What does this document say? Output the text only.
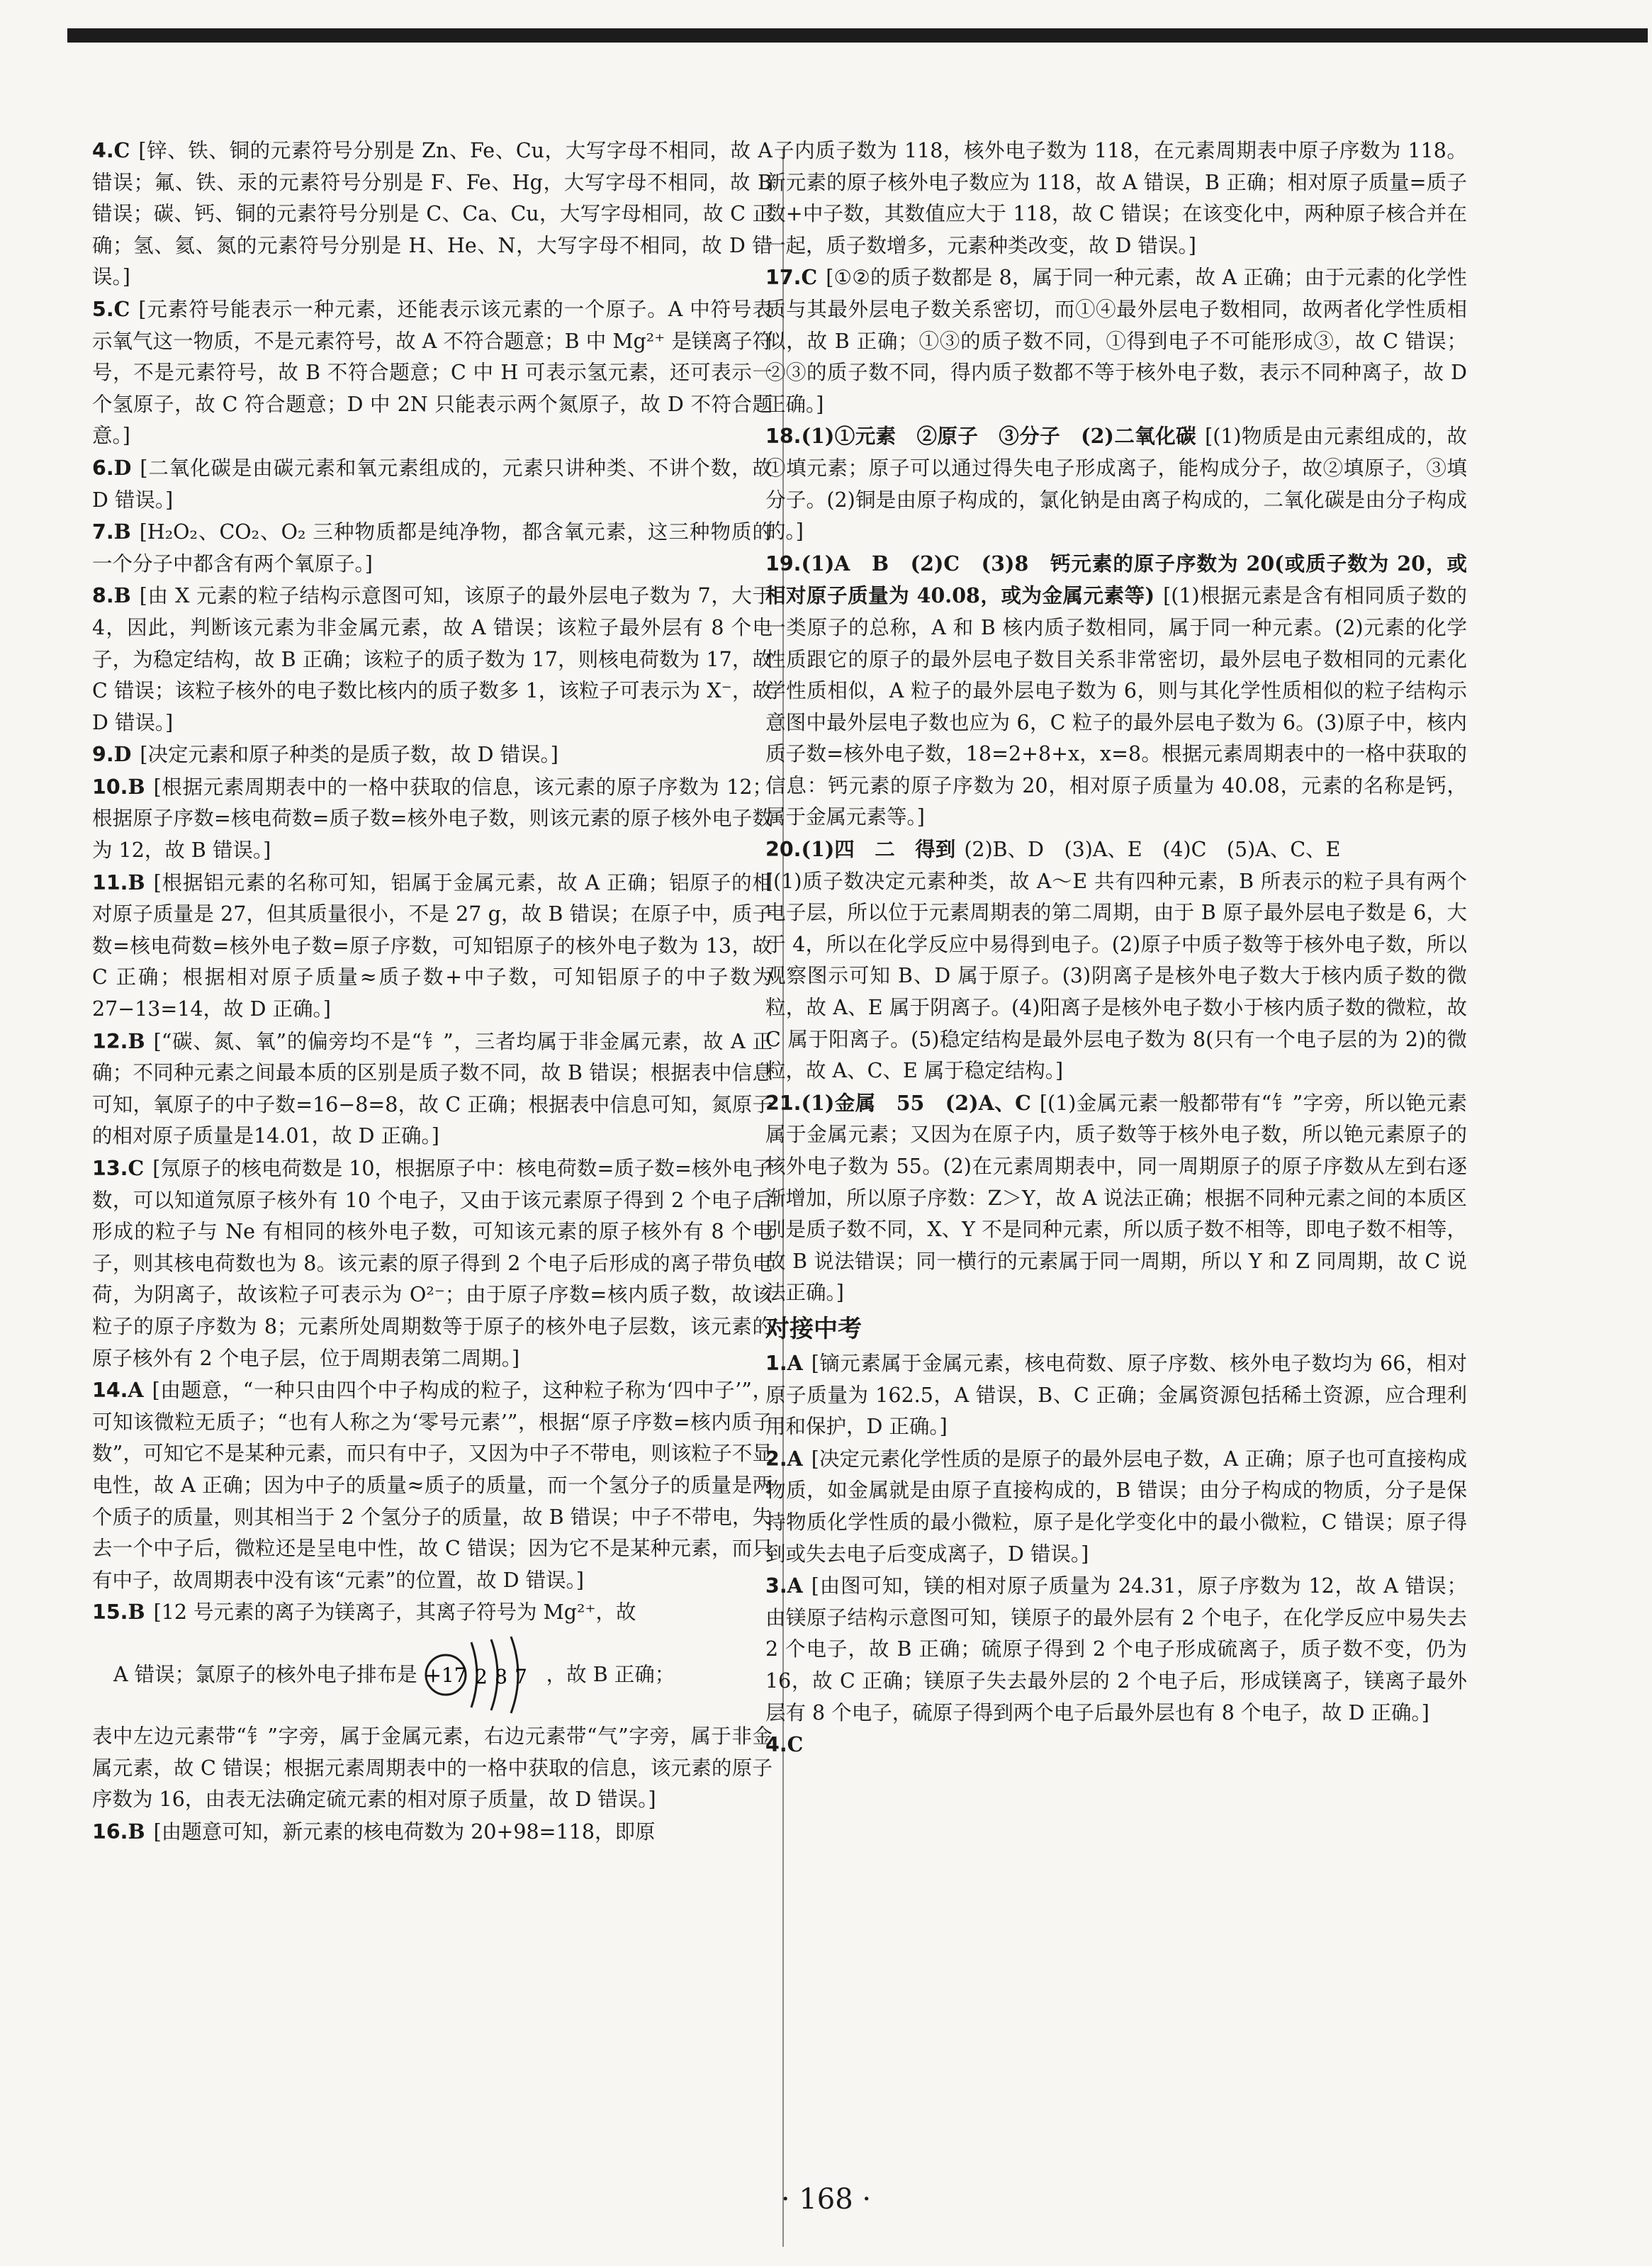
4.C [锌、铁、铜的元素符号分别是 Zn、Fe、Cu，大写字母不相同，故 A 错误；氟、铁、汞的元素符号分别是 F、Fe、Hg，大写字母不相同，故 B 错误；碳、钙、铜的元素符号分别是 C、Ca、Cu，大写字母相同，故 C 正确；氢、氦、氮的元素符号分别是 H、He、N，大写字母不相同，故 D 错误。]
5.C [元素符号能表示一种元素，还能表示该元素的一个原子。A 中符号表示氧气这一物质，不是元素符号，故 A 不符合题意；B 中 Mg²⁺ 是镁离子符号，不是元素符号，故 B 不符合题意；C 中 H 可表示氢元素，还可表示一个氢原子，故 C 符合题意；D 中 2N 只能表示两个氮原子，故 D 不符合题意。]
6.D [二氧化碳是由碳元素和氧元素组成的，元素只讲种类、不讲个数，故 D 错误。]
7.B [H₂O₂、CO₂、O₂ 三种物质都是纯净物，都含氧元素，这三种物质的一个分子中都含有两个氧原子。]
8.B [由 X 元素的粒子结构示意图可知，该原子的最外层电子数为 7，大于 4，因此，判断该元素为非金属元素，故 A 错误；该粒子最外层有 8 个电子，为稳定结构，故 B 正确；该粒子的质子数为 17，则核电荷数为 17，故 C 错误；该粒子核外的电子数比核内的质子数多 1，该粒子可表示为 X⁻，故 D 错误。]
9.D [决定元素和原子种类的是质子数，故 D 错误。]
10.B [根据元素周期表中的一格中获取的信息，该元素的原子序数为 12；根据原子序数=核电荷数=质子数=核外电子数，则该元素的原子核外电子数为 12，故 B 错误。]
11.B [根据铝元素的名称可知，铝属于金属元素，故 A 正确；铝原子的相对原子质量是 27，但其质量很小，不是 27 g，故 B 错误；在原子中，质子数=核电荷数=核外电子数=原子序数，可知铝原子的核外电子数为 13，故 C 正确；根据相对原子质量≈质子数+中子数，可知铝原子的中子数为 27−13=14，故 D 正确。]
12.B [“碳、氮、氧”的偏旁均不是“钅”，三者均属于非金属元素，故 A 正确；不同种元素之间最本质的区别是质子数不同，故 B 错误；根据表中信息可知，氧原子的中子数=16−8=8，故 C 正确；根据表中信息可知，氮原子的相对原子质量是14.01，故 D 正确。]
13.C [氖原子的核电荷数是 10，根据原子中：核电荷数=质子数=核外电子数，可以知道氖原子核外有 10 个电子，又由于该元素原子得到 2 个电子后形成的粒子与 Ne 有相同的核外电子数，可知该元素的原子核外有 8 个电子，则其核电荷数也为 8。该元素的原子得到 2 个电子后形成的离子带负电荷，为阴离子，故该粒子可表示为 O²⁻；由于原子序数=核内质子数，故该粒子的原子序数为 8；元素所处周期数等于原子的核外电子层数，该元素的原子核外有 2 个电子层，位于周期表第二周期。]
14.A [由题意，“一种只由四个中子构成的粒子，这种粒子称为‘四中子’”，可知该微粒无质子；“也有人称之为‘零号元素’”，根据“原子序数=核内质子数”，可知它不是某种元素，而只有中子，又因为中子不带电，则该粒子不显电性，故 A 正确；因为中子的质量≈质子的质量，而一个氢分子的质量是两个质子的质量，则其相当于 2 个氢分子的质量，故 B 错误；中子不带电，失去一个中子后，微粒还是呈电中性，故 C 错误；因为它不是某种元素，而只有中子，故周期表中没有该“元素”的位置，故 D 错误。]
15.B [12 号元素的离子为镁离子，其离子符号为 Mg²⁺，故
A 错误；氯原子的核外电子排布是 +17 2 8 7 ，故 B 正确；
表中左边元素带“钅”字旁，属于金属元素，右边元素带“气”字旁，属于非金属元素，故 C 错误；根据元素周期表中的一格中获取的信息，该元素的原子序数为 16，由表无法确定硫元素的相对原子质量，故 D 错误。]
16.B [由题意可知，新元素的核电荷数为 20+98=118，即原
子内质子数为 118，核外电子数为 118，在元素周期表中原子序数为 118。新元素的原子核外电子数应为 118，故 A 错误，B 正确；相对原子质量=质子数+中子数，其数值应大于 118，故 C 错误；在该变化中，两种原子核合并在一起，质子数增多，元素种类改变，故 D 错误。]
17.C [①②的质子数都是 8，属于同一种元素，故 A 正确；由于元素的化学性质与其最外层电子数关系密切，而①④最外层电子数相同，故两者化学性质相似，故 B 正确；①③的质子数不同，①得到电子不可能形成③，故 C 错误；②③的质子数不同，得内质子数都不等于核外电子数，表示不同种离子，故 D 正确。]
18.(1)①元素　②原子　③分子　(2)二氧化碳 [(1)物质是由元素组成的，故①填元素；原子可以通过得失电子形成离子，能构成分子，故②填原子，③填分子。(2)铜是由原子构成的，氯化钠是由离子构成的，二氧化碳是由分子构成的。]
19.(1)A　B　(2)C　(3)8　钙元素的原子序数为 20(或质子数为 20，或相对原子质量为 40.08，或为金属元素等) [(1)根据元素是含有相同质子数的一类原子的总称，A 和 B 核内质子数相同，属于同一种元素。(2)元素的化学性质跟它的原子的最外层电子数目关系非常密切，最外层电子数相同的元素化学性质相似，A 粒子的最外层电子数为 6，则与其化学性质相似的粒子结构示意图中最外层电子数也应为 6，C 粒子的最外层电子数为 6。(3)原子中，核内质子数=核外电子数，18=2+8+x，x=8。根据元素周期表中的一格中获取的信息：钙元素的原子序数为 20，相对原子质量为 40.08，元素的名称是钙，属于金属元素等。]
20.(1)四　二　得到 (2)B、D　(3)A、E　(4)C　(5)A、C、E
[(1)质子数决定元素种类，故 A～E 共有四种元素，B 所表示的粒子具有两个电子层，所以位于元素周期表的第二周期，由于 B 原子最外层电子数是 6，大于 4，所以在化学反应中易得到电子。(2)原子中质子数等于核外电子数，所以观察图示可知 B、D 属于原子。(3)阴离子是核外电子数大于核内质子数的微粒，故 A、E 属于阴离子。(4)阳离子是核外电子数小于核内质子数的微粒，故 C 属于阳离子。(5)稳定结构是最外层电子数为 8(只有一个电子层的为 2)的微粒，故 A、C、E 属于稳定结构。]
21.(1)金属　55　(2)A、C [(1)金属元素一般都带有“钅”字旁，所以铯元素属于金属元素；又因为在原子内，质子数等于核外电子数，所以铯元素原子的核外电子数为 55。(2)在元素周期表中，同一周期原子的原子序数从左到右逐渐增加，所以原子序数：Z＞Y，故 A 说法正确；根据不同种元素之间的本质区别是质子数不同，X、Y 不是同种元素，所以质子数不相等，即电子数不相等，故 B 说法错误；同一横行的元素属于同一周期，所以 Y 和 Z 同周期，故 C 说法正确。]
对接中考
1.A [镝元素属于金属元素，核电荷数、原子序数、核外电子数均为 66，相对原子质量为 162.5，A 错误，B、C 正确；金属资源包括稀土资源，应合理利用和保护，D 正确。]
2.A [决定元素化学性质的是原子的最外层电子数，A 正确；原子也可直接构成物质，如金属就是由原子直接构成的，B 错误；由分子构成的物质，分子是保持物质化学性质的最小微粒，原子是化学变化中的最小微粒，C 错误；原子得到或失去电子后变成离子，D 错误。]
3.A [由图可知，镁的相对原子质量为 24.31，原子序数为 12，故 A 错误；由镁原子结构示意图可知，镁原子的最外层有 2 个电子，在化学反应中易失去 2 个电子，故 B 正确；硫原子得到 2 个电子形成硫离子，质子数不变，仍为 16，故 C 正确；镁原子失去最外层的 2 个电子后，形成镁离子，镁离子最外层有 8 个电子，硫原子得到两个电子后最外层也有 8 个电子，故 D 正确。]
4.C
· 168 ·
